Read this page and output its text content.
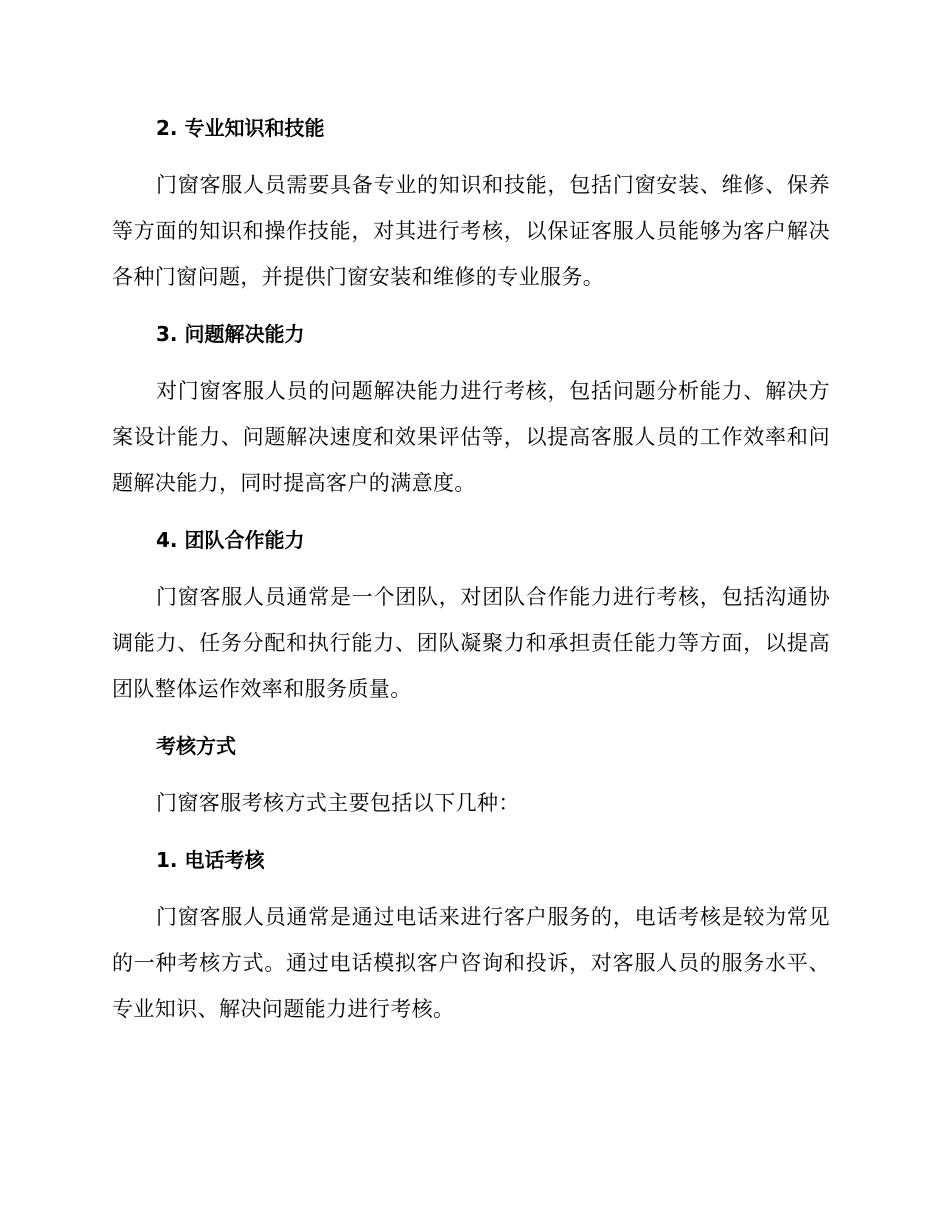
2. 专业知识和技能

门窗客服人员需要具备专业的知识和技能，包括门窗安装、维修、保养等方面的知识和操作技能，对其进行考核，以保证客服人员能够为客户解决各种门窗问题，并提供门窗安装和维修的专业服务。

3. 问题解决能力

对门窗客服人员的问题解决能力进行考核，包括问题分析能力、解决方案设计能力、问题解决速度和效果评估等，以提高客服人员的工作效率和问题解决能力，同时提高客户的满意度。

4. 团队合作能力

门窗客服人员通常是一个团队，对团队合作能力进行考核，包括沟通协调能力、任务分配和执行能力、团队凝聚力和承担责任能力等方面，以提高团队整体运作效率和服务质量。

考核方式

门窗客服考核方式主要包括以下几种：

1. 电话考核

门窗客服人员通常是通过电话来进行客户服务的，电话考核是较为常见的一种考核方式。通过电话模拟客户咨询和投诉，对客服人员的服务水平、专业知识、解决问题能力进行考核。
